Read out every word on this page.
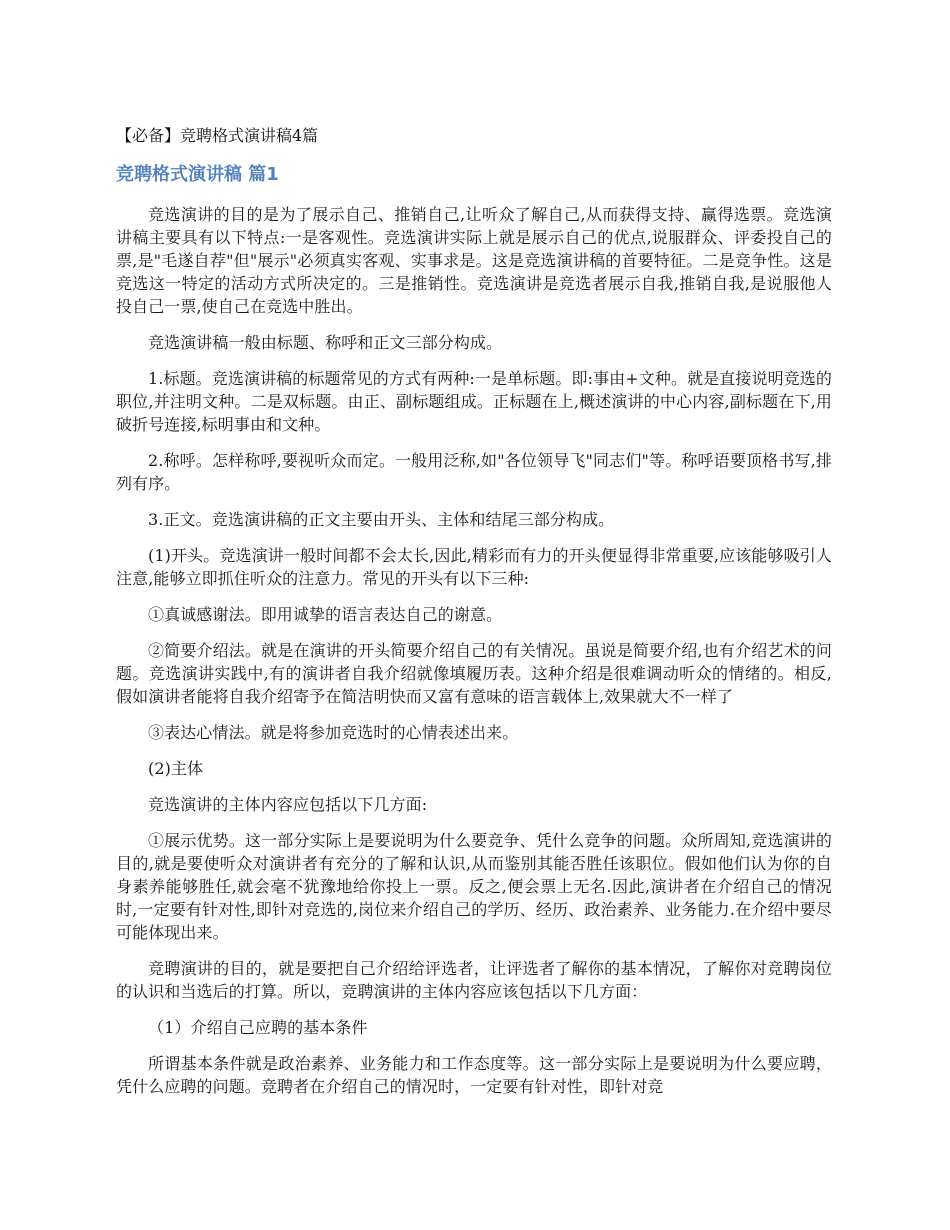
【必备】竞聘格式演讲稿4篇
竞聘格式演讲稿 篇1

竞选演讲的目的是为了展示自己、推销自己,让听众了解自己,从而获得支持、赢得选票。竞选演讲稿主要具有以下特点:一是客观性。竞选演讲实际上就是展示自己的优点,说服群众、评委投自己的票,是"毛遂自荐"但"展示"必须真实客观、实事求是。这是竞选演讲稿的首要特征。二是竞争性。这是竞选这一特定的活动方式所决定的。三是推销性。竞选演讲是竞选者展示自我,推销自我,是说服他人投自己一票,使自己在竞选中胜出。

竞选演讲稿一般由标题、称呼和正文三部分构成。

1.标题。竞选演讲稿的标题常见的方式有两种:一是单标题。即:事由+文种。就是直接说明竞选的职位,并注明文种。二是双标题。由正、副标题组成。正标题在上,概述演讲的中心内容,副标题在下,用破折号连接,标明事由和文种。

2.称呼。怎样称呼,要视听众而定。一般用泛称,如"各位领导飞"同志们"等。称呼语要顶格书写,排列有序。

3.正文。竞选演讲稿的正文主要由开头、主体和结尾三部分构成。

(1)开头。竞选演讲一般时间都不会太长,因此,精彩而有力的开头便显得非常重要,应该能够吸引人注意,能够立即抓住听众的注意力。常见的开头有以下三种:

①真诚感谢法。即用诚挚的语言表达自己的谢意。

②简要介绍法。就是在演讲的开头简要介绍自己的有关情况。虽说是简要介绍,也有介绍艺术的问题。竞选演讲实践中,有的演讲者自我介绍就像填履历表。这种介绍是很难调动听众的情绪的。相反,假如演讲者能将自我介绍寄予在简洁明快而又富有意味的语言载体上,效果就大不一样了

③表达心情法。就是将参加竞选时的心情表述出来。

(2)主体

竞选演讲的主体内容应包括以下几方面:

①展示优势。这一部分实际上是要说明为什么要竞争、凭什么竞争的问题。众所周知,竞选演讲的目的,就是要使听众对演讲者有充分的了解和认识,从而鉴别其能否胜任该职位。假如他们认为你的自身素养能够胜任,就会毫不犹豫地给你投上一票。反之,便会票上无名.因此,演讲者在介绍自己的情况时,一定要有针对性,即针对竞选的,岗位来介绍自己的学历、经历、政治素养、业务能力.在介绍中要尽可能体现出来。

竞聘演讲的目的，就是要把自己介绍给评选者，让评选者了解你的基本情况，了解你对竞聘岗位的认识和当选后的打算。所以，竞聘演讲的主体内容应该包括以下几方面：

（1）介绍自己应聘的基本条件

所谓基本条件就是政治素养、业务能力和工作态度等。这一部分实际上是要说明为什么要应聘，凭什么应聘的问题。竞聘者在介绍自己的情况时，一定要有针对性，即针对竞
